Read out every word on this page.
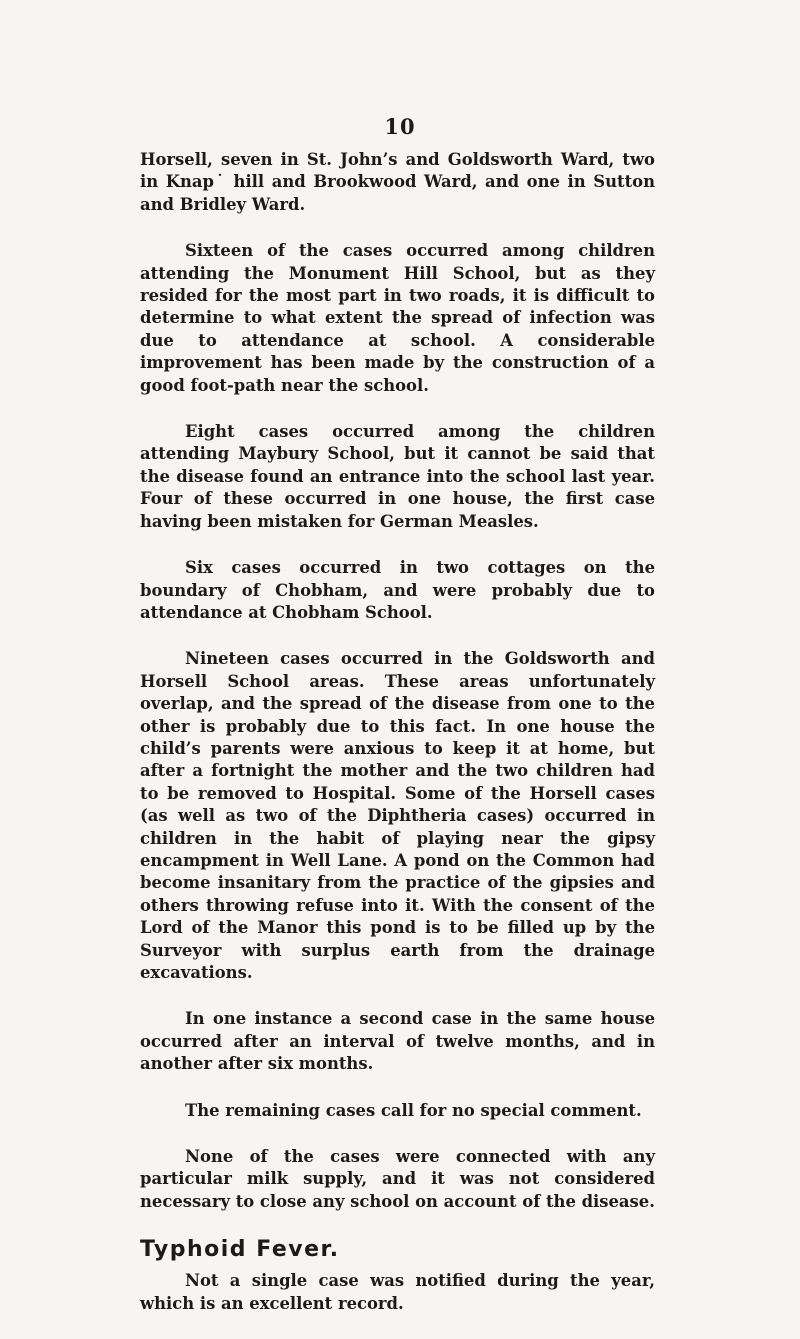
10

Horsell, seven in St. John’s and Goldsworth Ward, two in Knap˙ hill and Brookwood Ward, and one in Sutton and Bridley Ward.

Sixteen of the cases occurred among children attending the Monument Hill School, but as they resided for the most part in two roads, it is difficult to determine to what extent the spread of infection was due to attendance at school. A considerable improvement has been made by the construction of a good foot-path near the school.

Eight cases occurred among the children attending Maybury School, but it cannot be said that the disease found an entrance into the school last year. Four of these occurred in one house, the first case having been mistaken for German Measles.

Six cases occurred in two cottages on the boundary of Chobham, and were probably due to attendance at Chobham School.

Nineteen cases occurred in the Goldsworth and Horsell School areas. These areas unfortunately overlap, and the spread of the disease from one to the other is probably due to this fact. In one house the child’s parents were anxious to keep it at home, but after a fortnight the mother and the two children had to be removed to Hospital. Some of the Horsell cases (as well as two of the Diphtheria cases) occurred in children in the habit of playing near the gipsy encampment in Well Lane. A pond on the Common had become insanitary from the practice of the gipsies and others throwing refuse into it. With the consent of the Lord of the Manor this pond is to be filled up by the Surveyor with surplus earth from the drainage excavations.

In one instance a second case in the same house occurred after an interval of twelve months, and in another after six months.

The remaining cases call for no special comment.

None of the cases were connected with any particular milk supply, and it was not considered necessary to close any school on account of the disease.

Typhoid Fever.

Not a single case was notified during the year, which is an excellent record.
